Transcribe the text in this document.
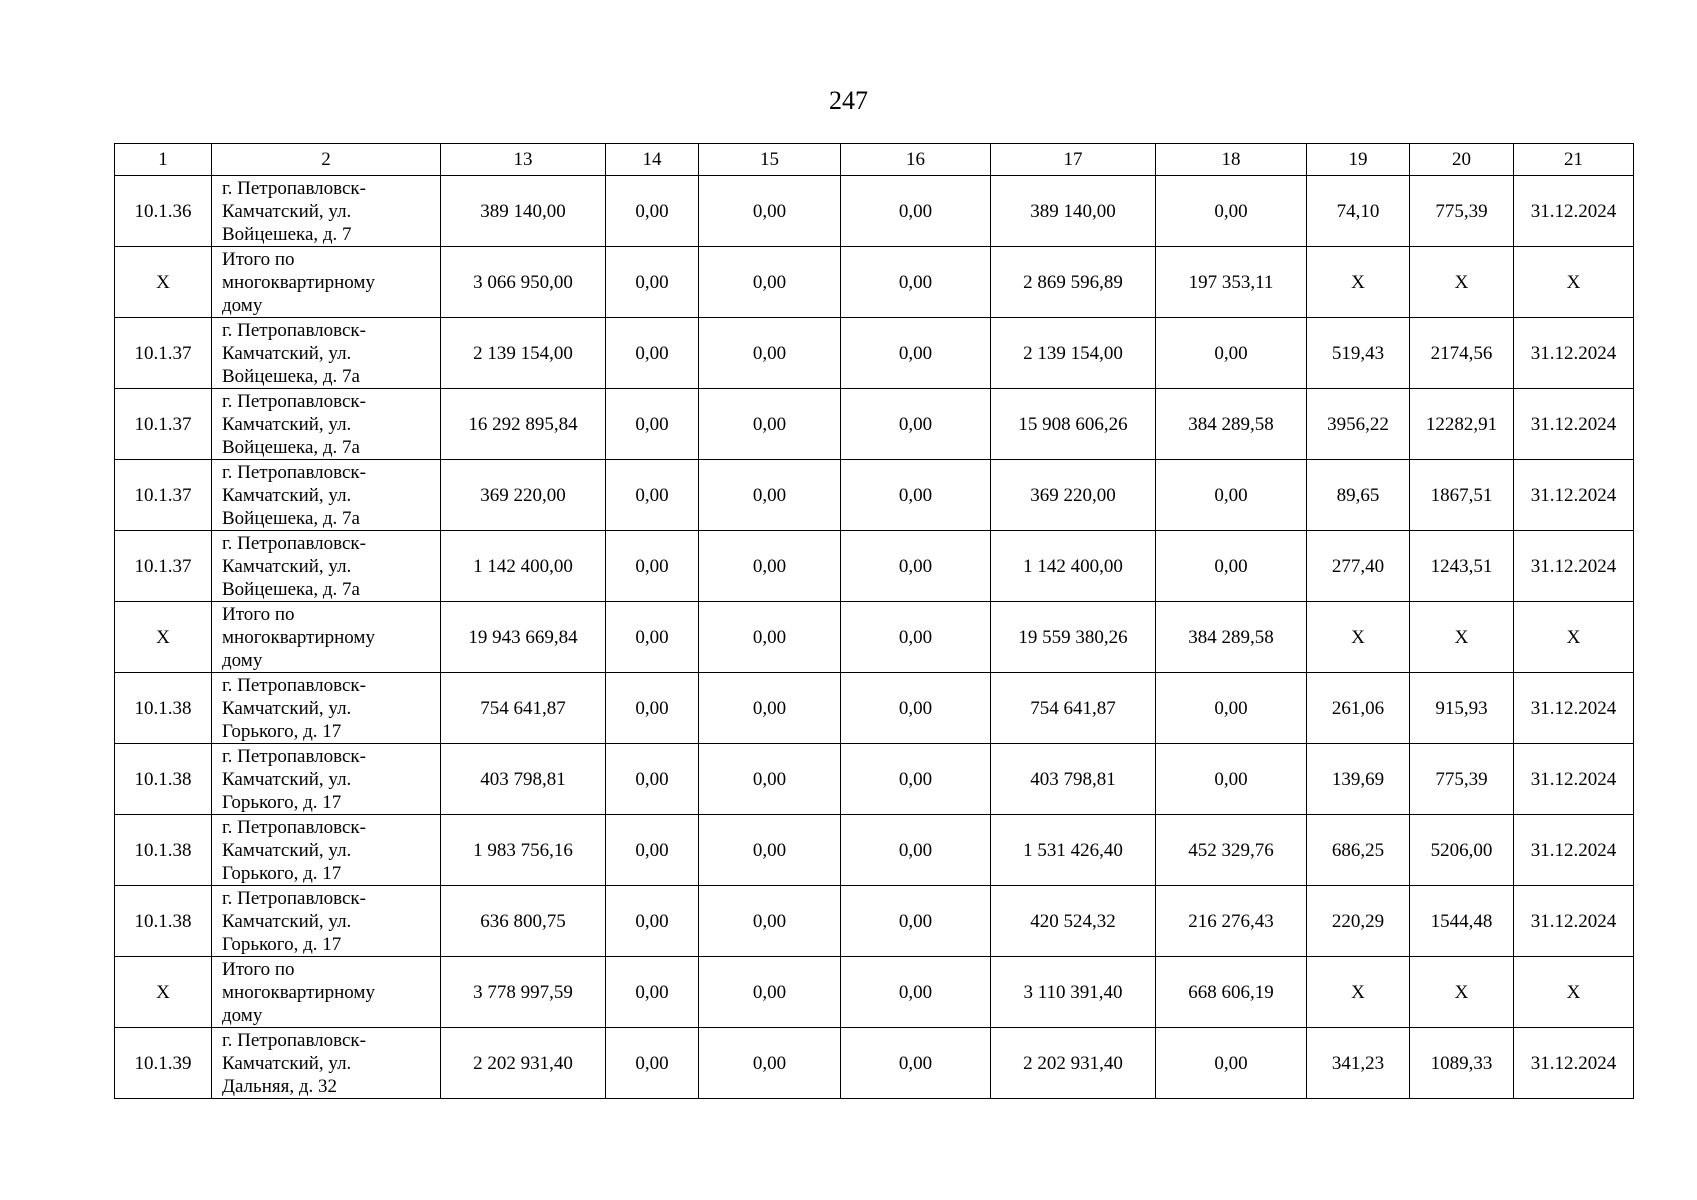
247
1	2	13	14	15	16	17	18	19	20	21
10.1.36	г. Петропавловск-
Камчатский, ул.
Войцешека, д. 7	389 140,00	0,00	0,00	0,00	389 140,00	0,00	74,10	775,39	31.12.2024
X	Итого по
многоквартирному
дому	3 066 950,00	0,00	0,00	0,00	2 869 596,89	197 353,11	X	X	X
10.1.37	г. Петропавловск-
Камчатский, ул.
Войцешека, д. 7а	2 139 154,00	0,00	0,00	0,00	2 139 154,00	0,00	519,43	2174,56	31.12.2024
10.1.37	г. Петропавловск-
Камчатский, ул.
Войцешека, д. 7а	16 292 895,84	0,00	0,00	0,00	15 908 606,26	384 289,58	3956,22	12282,91	31.12.2024
10.1.37	г. Петропавловск-
Камчатский, ул.
Войцешека, д. 7а	369 220,00	0,00	0,00	0,00	369 220,00	0,00	89,65	1867,51	31.12.2024
10.1.37	г. Петропавловск-
Камчатский, ул.
Войцешека, д. 7а	1 142 400,00	0,00	0,00	0,00	1 142 400,00	0,00	277,40	1243,51	31.12.2024
X	Итого по
многоквартирному
дому	19 943 669,84	0,00	0,00	0,00	19 559 380,26	384 289,58	X	X	X
10.1.38	г. Петропавловск-
Камчатский, ул.
Горького, д. 17	754 641,87	0,00	0,00	0,00	754 641,87	0,00	261,06	915,93	31.12.2024
10.1.38	г. Петропавловск-
Камчатский, ул.
Горького, д. 17	403 798,81	0,00	0,00	0,00	403 798,81	0,00	139,69	775,39	31.12.2024
10.1.38	г. Петропавловск-
Камчатский, ул.
Горького, д. 17	1 983 756,16	0,00	0,00	0,00	1 531 426,40	452 329,76	686,25	5206,00	31.12.2024
10.1.38	г. Петропавловск-
Камчатский, ул.
Горького, д. 17	636 800,75	0,00	0,00	0,00	420 524,32	216 276,43	220,29	1544,48	31.12.2024
X	Итого по
многоквартирному
дому	3 778 997,59	0,00	0,00	0,00	3 110 391,40	668 606,19	X	X	X
10.1.39	г. Петропавловск-
Камчатский, ул.
Дальняя, д. 32	2 202 931,40	0,00	0,00	0,00	2 202 931,40	0,00	341,23	1089,33	31.12.2024
